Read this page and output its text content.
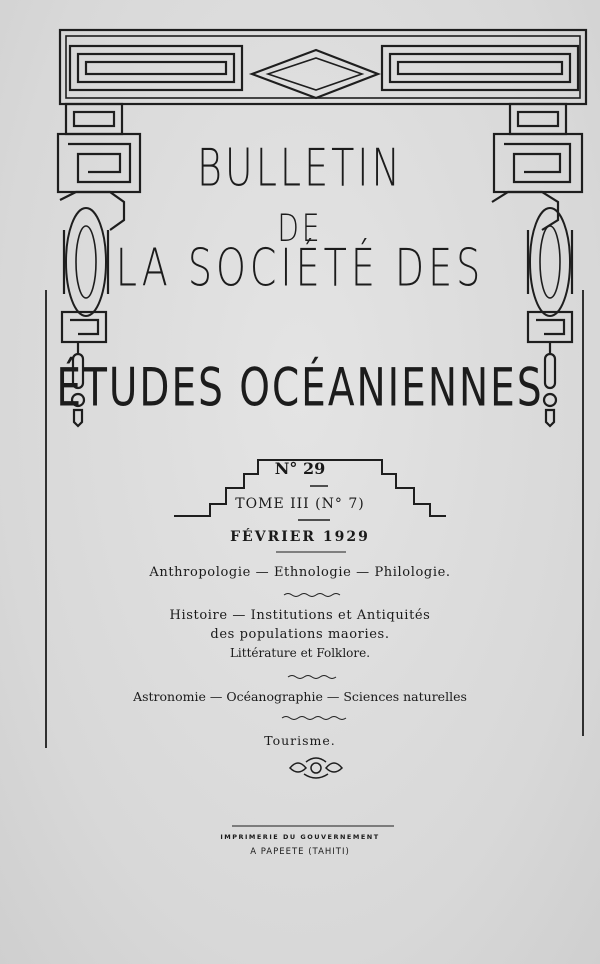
BULLETIN
DE
LA SOCIÉTÉ DES
ÉTUDES OCÉANIENNES
N° 29
TOME III (N° 7)
FÉVRIER 1929
Anthropologie — Ethnologie — Philologie.
Histoire — Institutions et Antiquités
des populations maories.
Littérature et Folklore.
Astronomie — Océanographie — Sciences naturelles
Tourisme.
IMPRIMERIE DU GOUVERNEMENT
A PAPEETE (TAHITI)
